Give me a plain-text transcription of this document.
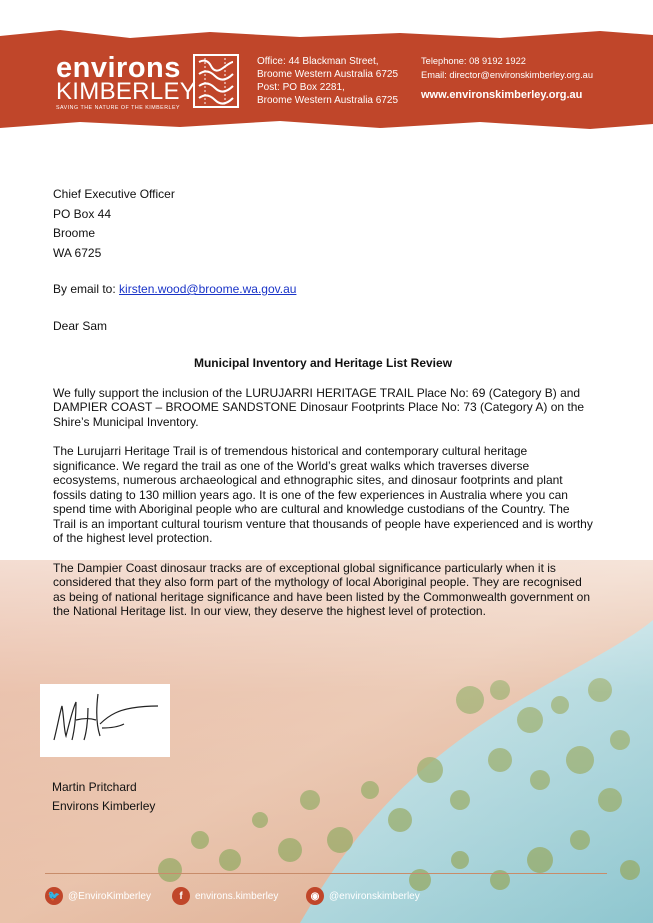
environs
KIMBERLEY
SAVING THE NATURE OF THE KIMBERLEY
Office: 44 Blackman Street,
Broome Western Australia 6725
Post: PO Box 2281,
Broome Western Australia 6725
Telephone: 08 9192 1922
Email: director@environskimberley.org.au
www.environskimberley.org.au

Chief Executive Officer

PO Box 44

Broome

WA 6725

By email to: kirsten.wood@broome.wa.gov.au

Dear Sam

Municipal Inventory and Heritage List Review

We fully support the inclusion of the LURUJARRI HERITAGE TRAIL Place No: 69 (Category B) and DAMPIER COAST – BROOME SANDSTONE Dinosaur Footprints Place No: 73 (Category A) on the Shire’s Municipal Inventory.

The Lurujarri Heritage Trail is of tremendous historical and contemporary cultural heritage significance. We regard the trail as one of the World’s great walks which traverses diverse ecosystems, numerous archaeological and ethnographic sites, and dinosaur footprints and plant fossils dating to 130 million years ago. It is one of the few experiences in Australia where you can spend time with Aboriginal people who are cultural and knowledge custodians of the Country. The Trail is an important cultural tourism venture that thousands of people have experienced and is worthy of the highest level protection.

The Dampier Coast dinosaur tracks are of exceptional global significance particularly when it is considered that they also form part of the mythology of local Aboriginal people. They are recognised as being of national heritage significance and have been listed by the Commonwealth government on the National Heritage list. In our view, they deserve the highest level of protection.

Martin Pritchard
Environs Kimberley
🐦 @EnviroKimberley	f	environs.kimberley	◉ @environskimberley
